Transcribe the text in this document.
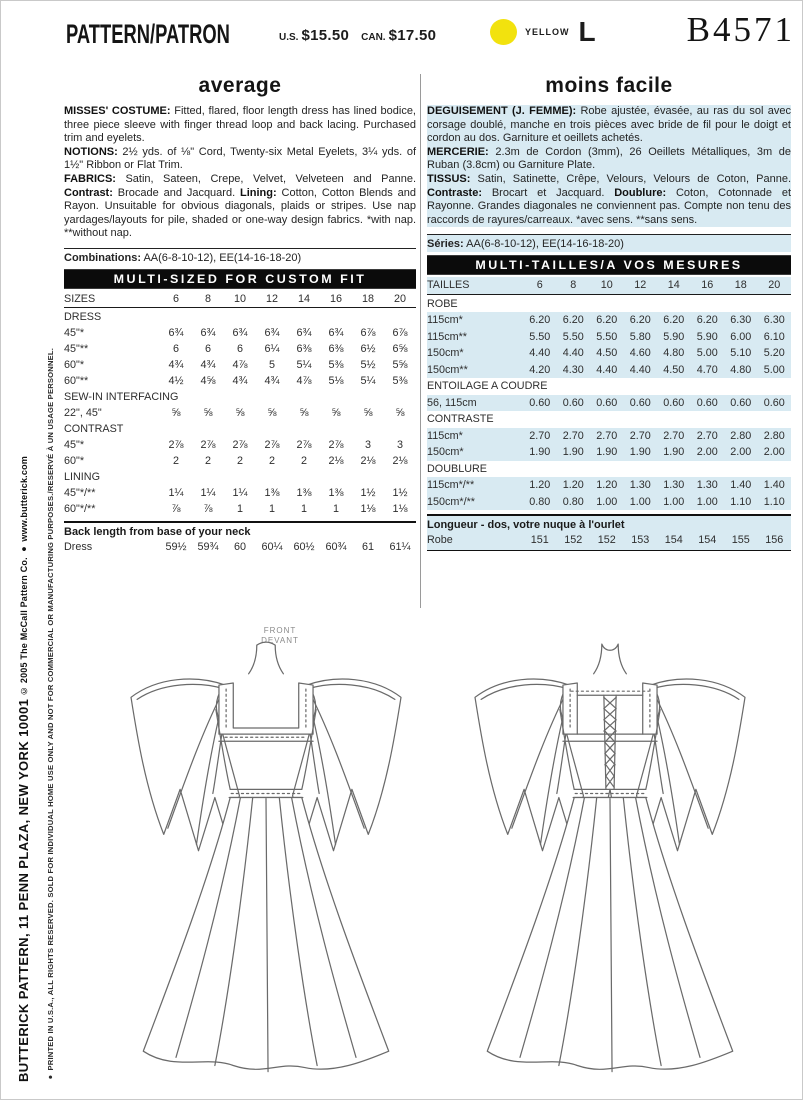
BUTTERICK PATTERN, 11 PENN PLAZA, NEW YORK 10001 © 2005 The McCall Pattern Co. ● www.butterick.com ● PRINTED IN U.S.A., ALL RIGHTS RESERVED. SOLD FOR INDIVIDUAL HOME USE ONLY AND NOT FOR COMMERCIAL OR MANUFACTURING PURPOSES./RESERVÉ À UN USAGE PERSONNEL.
PATTERN/PATRON	U.S. $15.50 CAN. $17.50	YELLOW L	B4571
average

MISSES' COSTUME: Fitted, flared, floor length dress has lined bodice, three piece sleeve with finger thread loop and back lacing. Purchased trim and eyelets.

NOTIONS: 2½ yds. of ⅛" Cord, Twenty-six Metal Eyelets, 3¼ yds. of 1½" Ribbon or Flat Trim.

FABRICS: Satin, Sateen, Crepe, Velvet, Velveteen and Panne. Contrast: Brocade and Jacquard. Lining: Cotton, Cotton Blends and Rayon. Unsuitable for obvious diagonals, plaids or stripes. Use nap yardages/layouts for pile, shaded or one-way design fabrics. *with nap. **without nap.

Combinations: AA(6-8-10-12), EE(14-16-18-20)
MULTI-SIZED FOR CUSTOM FIT
SIZES	6	8	10	12	14	16	18	20
DRESS
45"*	6¾	6¾	6¾	6¾	6¾	6¾	6⅞	6⅞
45"**	6	6	6	6¼	6⅜	6⅜	6½	6⅝
60"*	4¾	4¾	4⅞	5	5¼	5⅜	5½	5⅝
60"**	4½	4⅝	4¾	4¾	4⅞	5⅛	5¼	5⅜
SEW-IN INTERFACING
22", 45"	⅝	⅝	⅝	⅝	⅝	⅝	⅝	⅝
CONTRAST
45"*	2⅞	2⅞	2⅞	2⅞	2⅞	2⅞	3	3
60"*	2	2	2	2	2	2⅛	2⅛	2⅛
LINING
45"*/**	1¼	1¼	1¼	1⅜	1⅜	1⅜	1½	1½
60"*/**	⅞	⅞	1	1	1	1	1⅛	1⅛
Back length from base of your neck
Dress	59½	59¾	60	60¼	60½	60¾	61	61¼
moins facile

DEGUISEMENT (J. FEMME): Robe ajustée, évasée, au ras du sol avec corsage doublé, manche en trois pièces avec bride de fil pour le doigt et cordon au dos. Garniture et oeillets achetés.

MERCERIE: 2.3m de Cordon (3mm), 26 Oeillets Métalliques, 3m de Ruban (3.8cm) ou Garniture Plate.

TISSUS: Satin, Satinette, Crêpe, Velours, Velours de Coton, Panne. Contraste: Brocart et Jacquard. Doublure: Coton, Cotonnade et Rayonne. Grandes diagonales ne conviennent pas. Compte non tenu des raccords de rayures/carreaux. *avec sens. **sans sens.

Séries: AA(6-8-10-12), EE(14-16-18-20)
MULTI-TAILLES/A VOS MESURES
TAILLES	6	8	10	12	14	16	18	20
ROBE
115cm*	6.20	6.20	6.20	6.20	6.20	6.20	6.30	6.30
115cm**	5.50	5.50	5.50	5.80	5.90	5.90	6.00	6.10
150cm*	4.40	4.40	4.50	4.60	4.80	5.00	5.10	5.20
150cm**	4.20	4.30	4.40	4.40	4.50	4.70	4.80	5.00
ENTOILAGE A COUDRE
56, 115cm	0.60	0.60	0.60	0.60	0.60	0.60	0.60	0.60
CONTRASTE
115cm*	2.70	2.70	2.70	2.70	2.70	2.70	2.80	2.80
150cm*	1.90	1.90	1.90	1.90	1.90	2.00	2.00	2.00
DOUBLURE
115cm*/**	1.20	1.20	1.20	1.30	1.30	1.30	1.40	1.40
150cm*/**	0.80	0.80	1.00	1.00	1.00	1.00	1.10	1.10
Longueur - dos, votre nuque à l'ourlet
Robe	151	152	152	153	154	154	155	156
FRONT
DEVANT
